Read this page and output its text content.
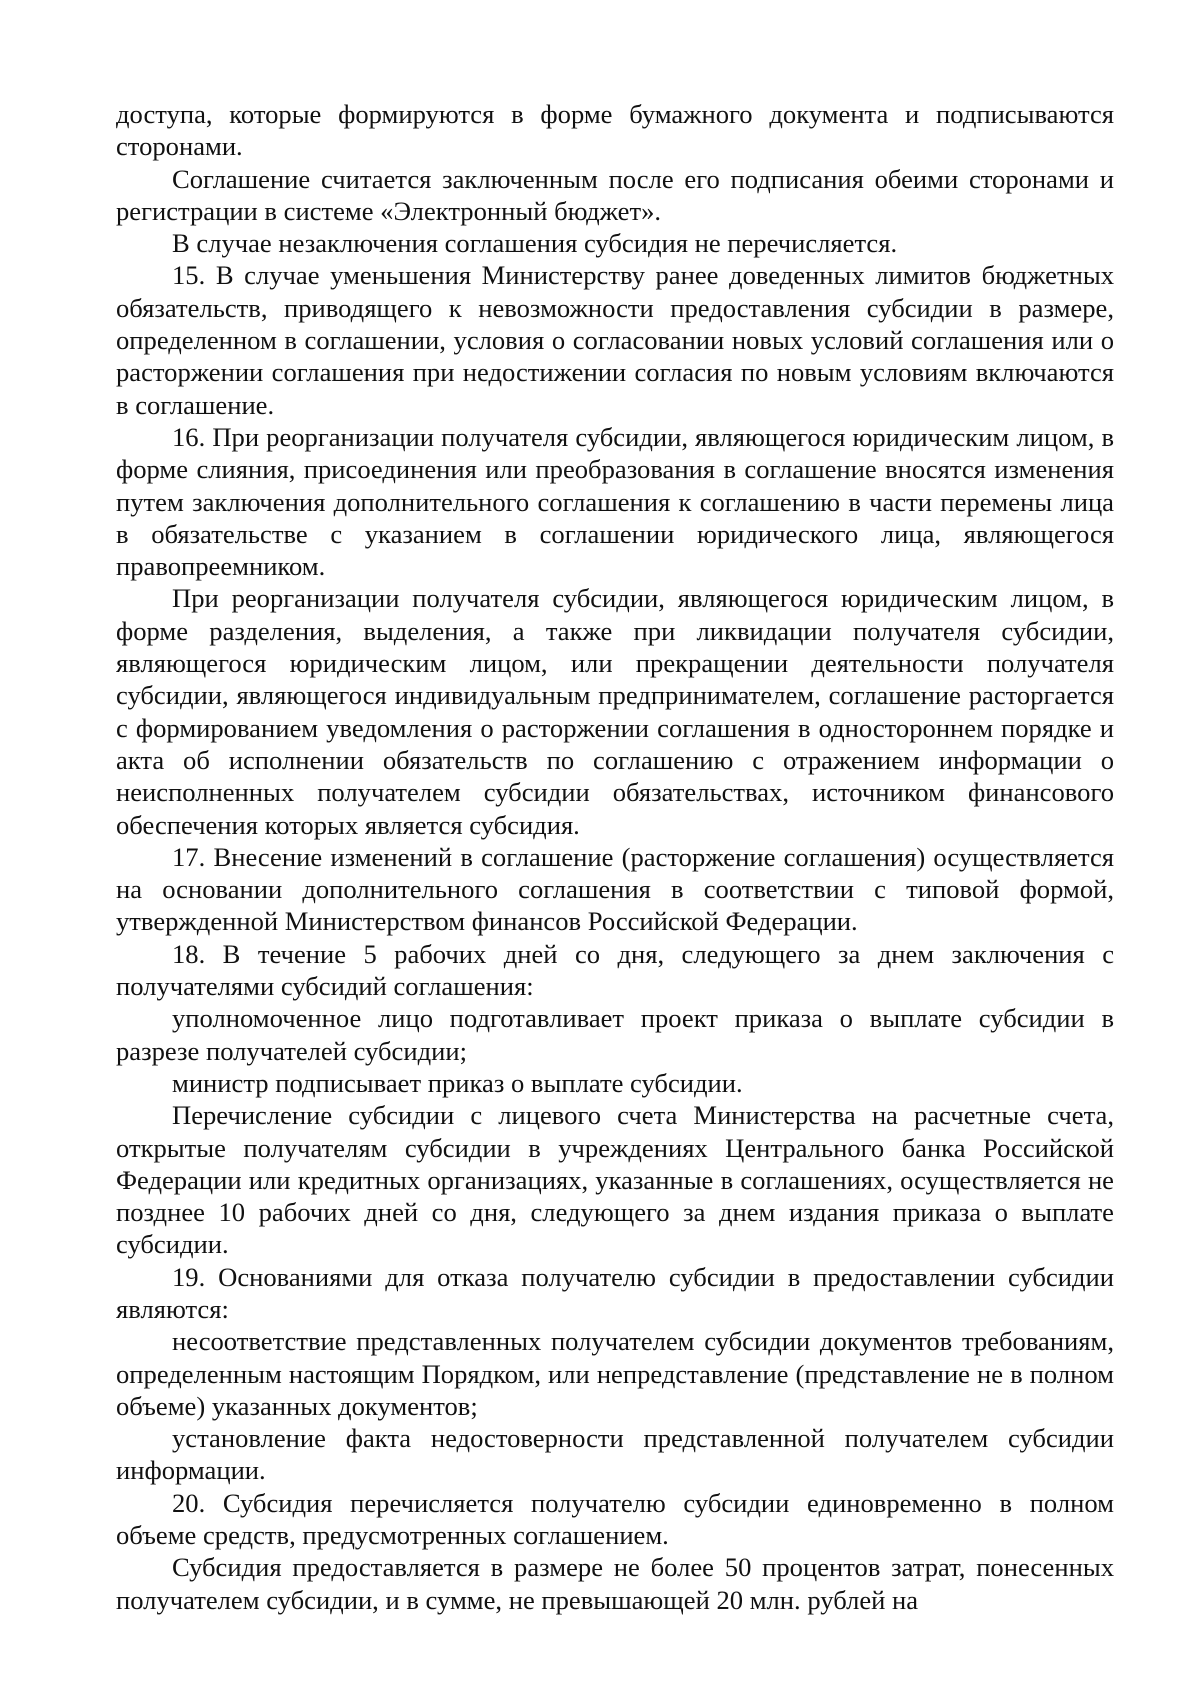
доступа, которые формируются в форме бумажного документа и подписываются сторонами.

Соглашение считается заключенным после его подписания обеими сторонами и регистрации в системе «Электронный бюджет».

В случае незаключения соглашения субсидия не перечисляется.

15. В случае уменьшения Министерству ранее доведенных лимитов бюджетных обязательств, приводящего к невозможности предоставления субсидии в размере, определенном в соглашении, условия о согласовании новых условий соглашения или о расторжении соглашения при недостижении согласия по новым условиям включаются в соглашение.

16. При реорганизации получателя субсидии, являющегося юридическим лицом, в форме слияния, присоединения или преобразования в соглашение вносятся изменения путем заключения дополнительного соглашения к соглашению в части перемены лица в обязательстве с указанием в соглашении юридического лица, являющегося правопреемником.

При реорганизации получателя субсидии, являющегося юридическим лицом, в форме разделения, выделения, а также при ликвидации получателя субсидии, являющегося юридическим лицом, или прекращении деятельности получателя субсидии, являющегося индивидуальным предпринимателем, соглашение расторгается с формированием уведомления о расторжении соглашения в одностороннем порядке и акта об исполнении обязательств по соглашению с отражением информации о неисполненных получателем субсидии обязательствах, источником финансового обеспечения которых является субсидия.

17. Внесение изменений в соглашение (расторжение соглашения) осуществляется на основании дополнительного соглашения в соответствии с типовой формой, утвержденной Министерством финансов Российской Федерации.

18. В течение 5 рабочих дней со дня, следующего за днем заключения с получателями субсидий соглашения:

уполномоченное лицо подготавливает проект приказа о выплате субсидии в разрезе получателей субсидии;

министр подписывает приказ о выплате субсидии.

Перечисление субсидии с лицевого счета Министерства на расчетные счета, открытые получателям субсидии в учреждениях Центрального банка Российской Федерации или кредитных организациях, указанные в соглашениях, осуществляется не позднее 10 рабочих дней со дня, следующего за днем издания приказа о выплате субсидии.

19. Основаниями для отказа получателю субсидии в предоставлении субсидии являются:

несоответствие представленных получателем субсидии документов требованиям, определенным настоящим Порядком, или непредставление (представление не в полном объеме) указанных документов;

установление факта недостоверности представленной получателем субсидии информации.

20. Субсидия перечисляется получателю субсидии единовременно в полном объеме средств, предусмотренных соглашением.

Субсидия предоставляется в размере не более 50 процентов затрат, понесенных получателем субсидии, и в сумме, не превышающей 20 млн. рублей на
